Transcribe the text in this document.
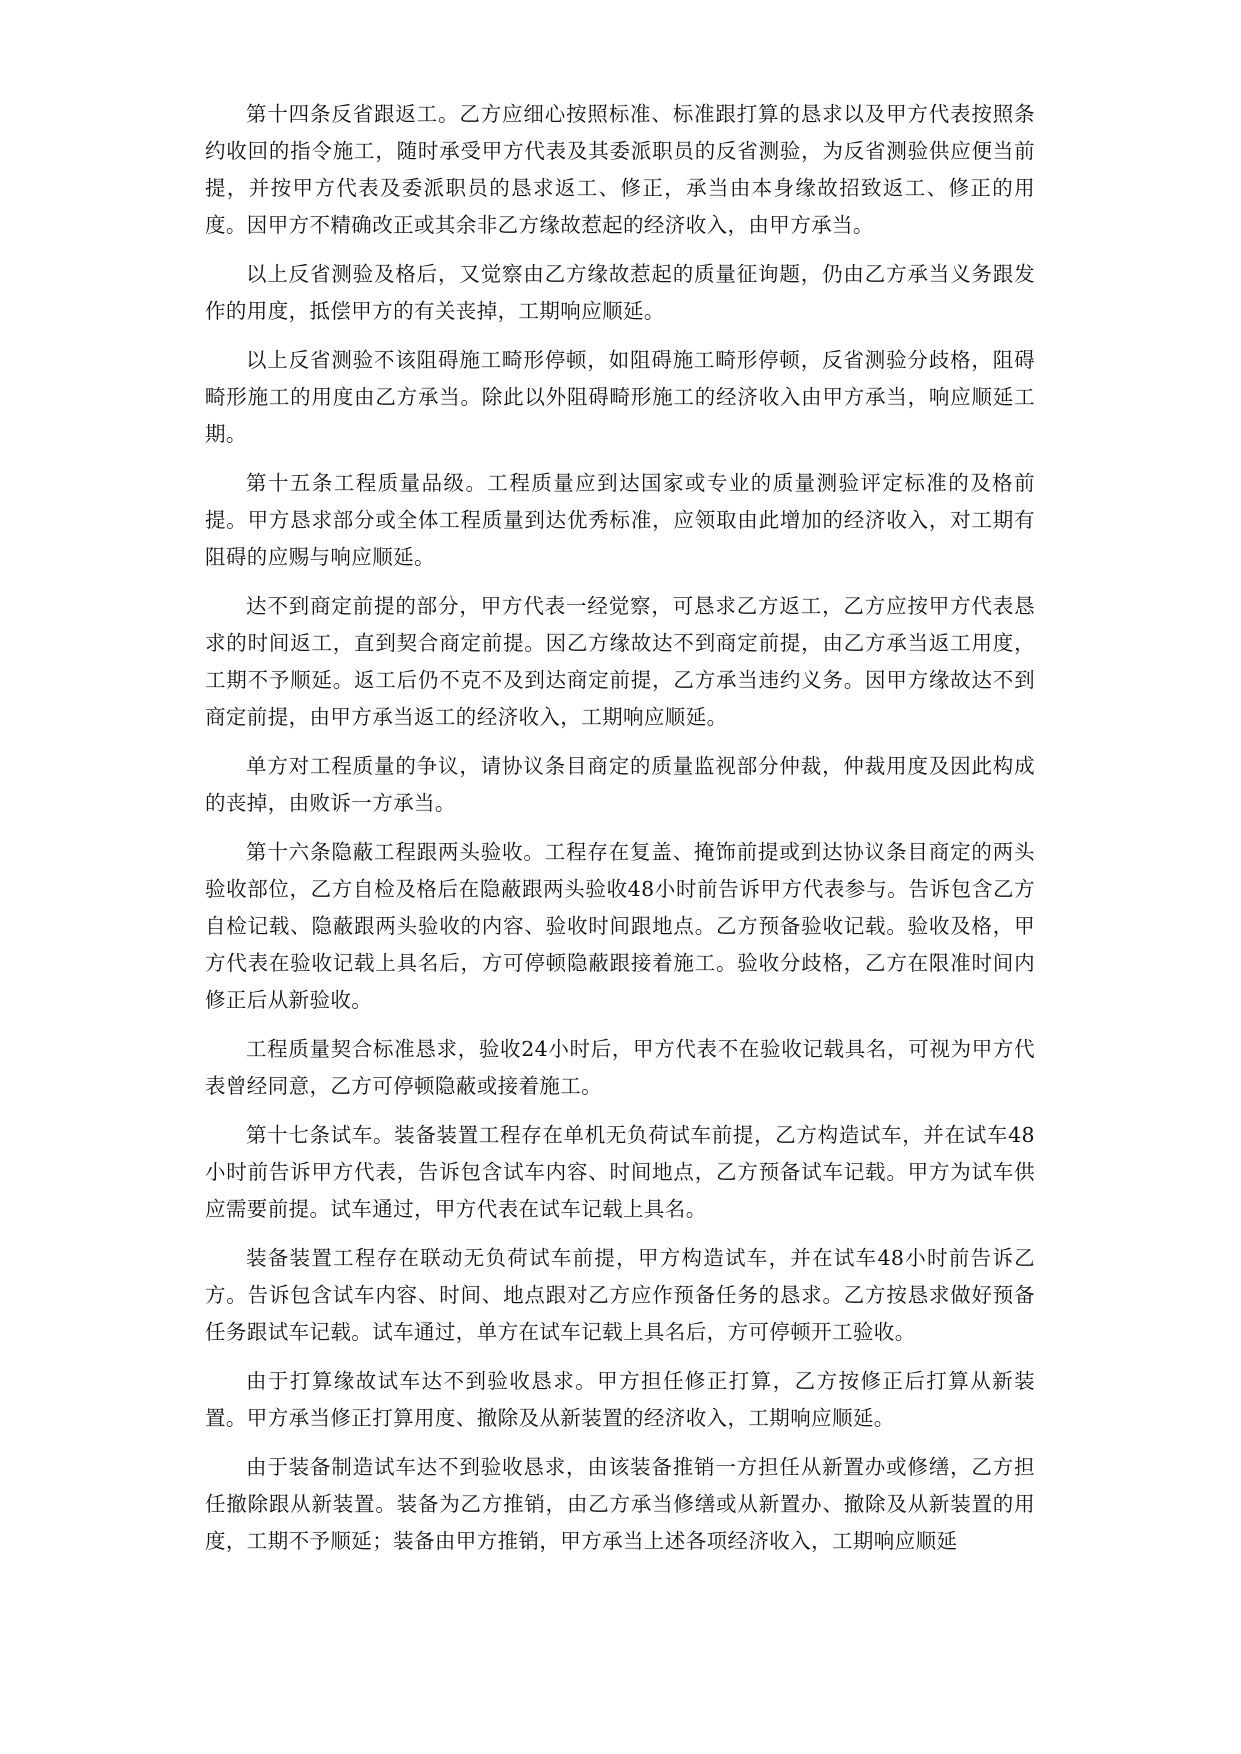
第十四条反省跟返工。乙方应细心按照标准、标准跟打算的恳求以及甲方代表按照条约收回的指令施工，随时承受甲方代表及其委派职员的反省测验，为反省测验供应便当前提，并按甲方代表及委派职员的恳求返工、修正，承当由本身缘故招致返工、修正的用度。因甲方不精确改正或其余非乙方缘故惹起的经济收入，由甲方承当。

以上反省测验及格后，又觉察由乙方缘故惹起的质量征询题，仍由乙方承当义务跟发作的用度，抵偿甲方的有关丧掉，工期响应顺延。

以上反省测验不该阻碍施工畸形停顿，如阻碍施工畸形停顿，反省测验分歧格，阻碍畸形施工的用度由乙方承当。除此以外阻碍畸形施工的经济收入由甲方承当，响应顺延工期。

第十五条工程质量品级。工程质量应到达国家或专业的质量测验评定标准的及格前提。甲方恳求部分或全体工程质量到达优秀标准，应领取由此增加的经济收入，对工期有阻碍的应赐与响应顺延。

达不到商定前提的部分，甲方代表一经觉察，可恳求乙方返工，乙方应按甲方代表恳求的时间返工，直到契合商定前提。因乙方缘故达不到商定前提，由乙方承当返工用度，工期不予顺延。返工后仍不克不及到达商定前提，乙方承当违约义务。因甲方缘故达不到商定前提，由甲方承当返工的经济收入，工期响应顺延。

单方对工程质量的争议，请协议条目商定的质量监视部分仲裁，仲裁用度及因此构成的丧掉，由败诉一方承当。

第十六条隐蔽工程跟两头验收。工程存在复盖、掩饰前提或到达协议条目商定的两头验收部位，乙方自检及格后在隐蔽跟两头验收48小时前告诉甲方代表参与。告诉包含乙方自检记载、隐蔽跟两头验收的内容、验收时间跟地点。乙方预备验收记载。验收及格，甲方代表在验收记载上具名后，方可停顿隐蔽跟接着施工。验收分歧格，乙方在限准时间内修正后从新验收。

工程质量契合标准恳求，验收24小时后，甲方代表不在验收记载具名，可视为甲方代表曾经同意，乙方可停顿隐蔽或接着施工。

第十七条试车。装备装置工程存在单机无负荷试车前提，乙方构造试车，并在试车48小时前告诉甲方代表，告诉包含试车内容、时间地点，乙方预备试车记载。甲方为试车供应需要前提。试车通过，甲方代表在试车记载上具名。

装备装置工程存在联动无负荷试车前提，甲方构造试车，并在试车48小时前告诉乙方。告诉包含试车内容、时间、地点跟对乙方应作预备任务的恳求。乙方按恳求做好预备任务跟试车记载。试车通过，单方在试车记载上具名后，方可停顿开工验收。

由于打算缘故试车达不到验收恳求。甲方担任修正打算，乙方按修正后打算从新装置。甲方承当修正打算用度、撤除及从新装置的经济收入，工期响应顺延。

由于装备制造试车达不到验收恳求，由该装备推销一方担任从新置办或修缮，乙方担任撤除跟从新装置。装备为乙方推销，由乙方承当修缮或从新置办、撤除及从新装置的用度，工期不予顺延；装备由甲方推销，甲方承当上述各项经济收入，工期响应顺延
